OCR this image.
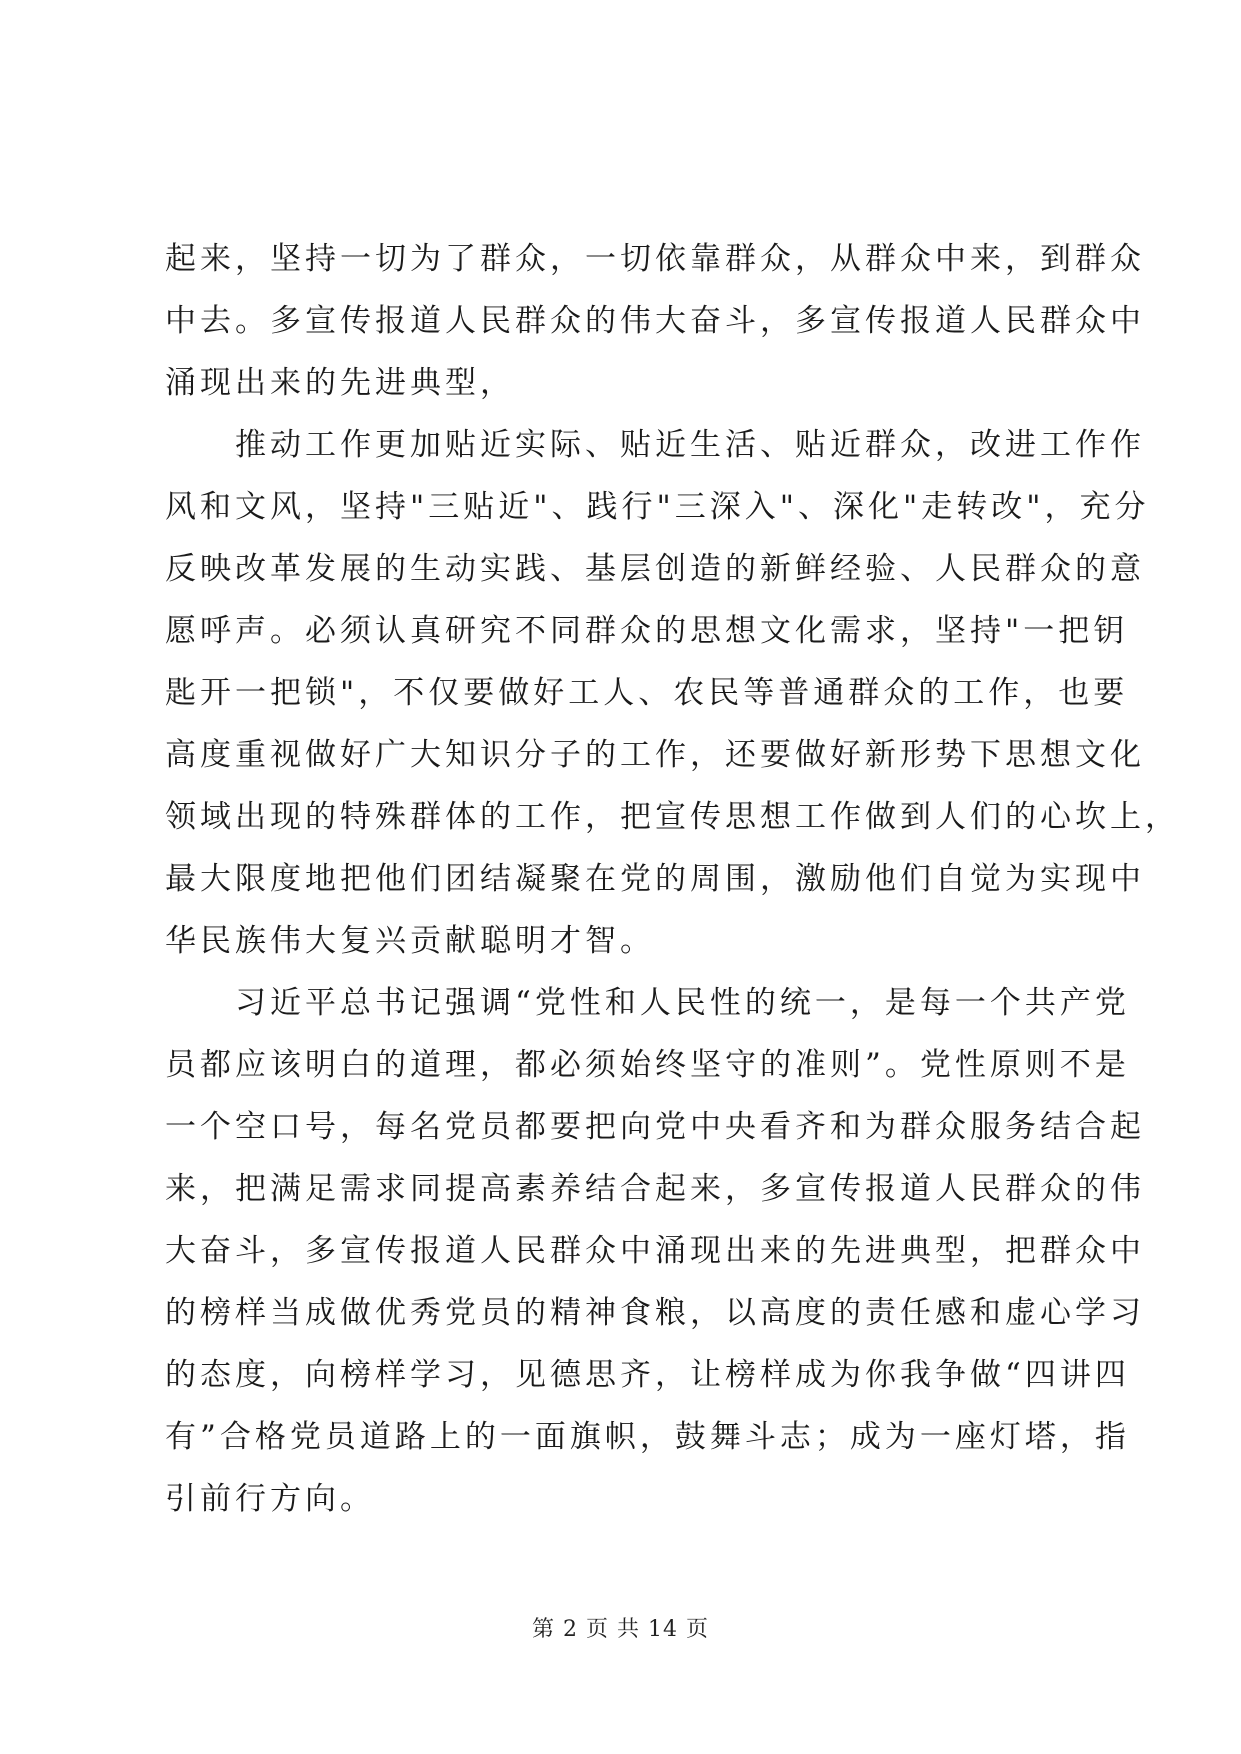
起来，坚持一切为了群众，一切依靠群众，从群众中来，到群众

中去。多宣传报道人民群众的伟大奋斗，多宣传报道人民群众中

涌现出来的先进典型，

　　推动工作更加贴近实际、贴近生活、贴近群众，改进工作作

风和文风，坚持"三贴近"、践行"三深入"、深化"走转改"，充分

反映改革发展的生动实践、基层创造的新鲜经验、人民群众的意

愿呼声。必须认真研究不同群众的思想文化需求，坚持"一把钥

匙开一把锁"，不仅要做好工人、农民等普通群众的工作，也要

高度重视做好广大知识分子的工作，还要做好新形势下思想文化

领域出现的特殊群体的工作，把宣传思想工作做到人们的心坎上，

最大限度地把他们团结凝聚在党的周围，激励他们自觉为实现中

华民族伟大复兴贡献聪明才智。

　　习近平总书记强调“党性和人民性的统一，是每一个共产党

员都应该明白的道理，都必须始终坚守的准则”。党性原则不是

一个空口号，每名党员都要把向党中央看齐和为群众服务结合起

来，把满足需求同提高素养结合起来，多宣传报道人民群众的伟

大奋斗，多宣传报道人民群众中涌现出来的先进典型，把群众中

的榜样当成做优秀党员的精神食粮，以高度的责任感和虚心学习

的态度，向榜样学习，见德思齐，让榜样成为你我争做“四讲四

有”合格党员道路上的一面旗帜，鼓舞斗志；成为一座灯塔，指

引前行方向。

第 2 页 共 14 页
